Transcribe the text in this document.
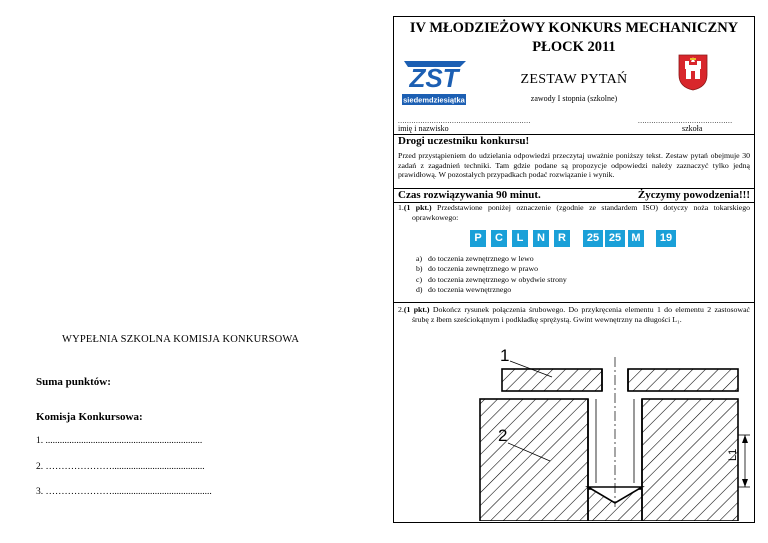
WYPEŁNIA SZKOLNA KOMISJA KONKURSOWA
Suma punktów:
Komisja Konkursowa:
1. ..................................................................
2. ………………….......................................
3. …………………..........................................
IV MŁODZIEŻOWY KONKURS MECHANICZNY
PŁOCK 2011
ZST
siedemdziesiątka
ZESTAW PYTAŃ
zawody I stopnia (szkolne)
...........................................................	..........................................
imię i nazwisko	szkoła
Drogi uczestniku konkursu!
Przed przystąpieniem do udzielania odpowiedzi przeczytaj uważnie poniższy tekst. Zestaw pytań obejmuje 30 zadań z zagadnień techniki. Tam gdzie podane są propozycje odpowiedzi należy zaznaczyć tylko jedną prawidłową. W pozostałych przypadkach podać rozwiązanie i wynik.
Czas rozwiązywania 90 minut.	Życzymy powodzenia!!!
1.(1 pkt.) Przedstawione poniżej oznaczenie (zgodnie ze standardem ISO) dotyczy noża tokarskiego oprawkowego:
P	C	L	N	R	25 25 M	19
a) do toczenia zewnętrznego w lewo
b) do toczenia zewnętrznego w prawo
c) do toczenia zewnętrznego w obydwie strony
d) do toczenia wewnętrznego
2.(1 pkt.) Dokończ rysunek połączenia śrubowego. Do przykręcenia elementu 1 do elementu 2 zastosować śrubę z łbem sześciokątnym i podkładkę sprężystą. Gwint wewnętrzny na długości L₁.
1
2
L1
